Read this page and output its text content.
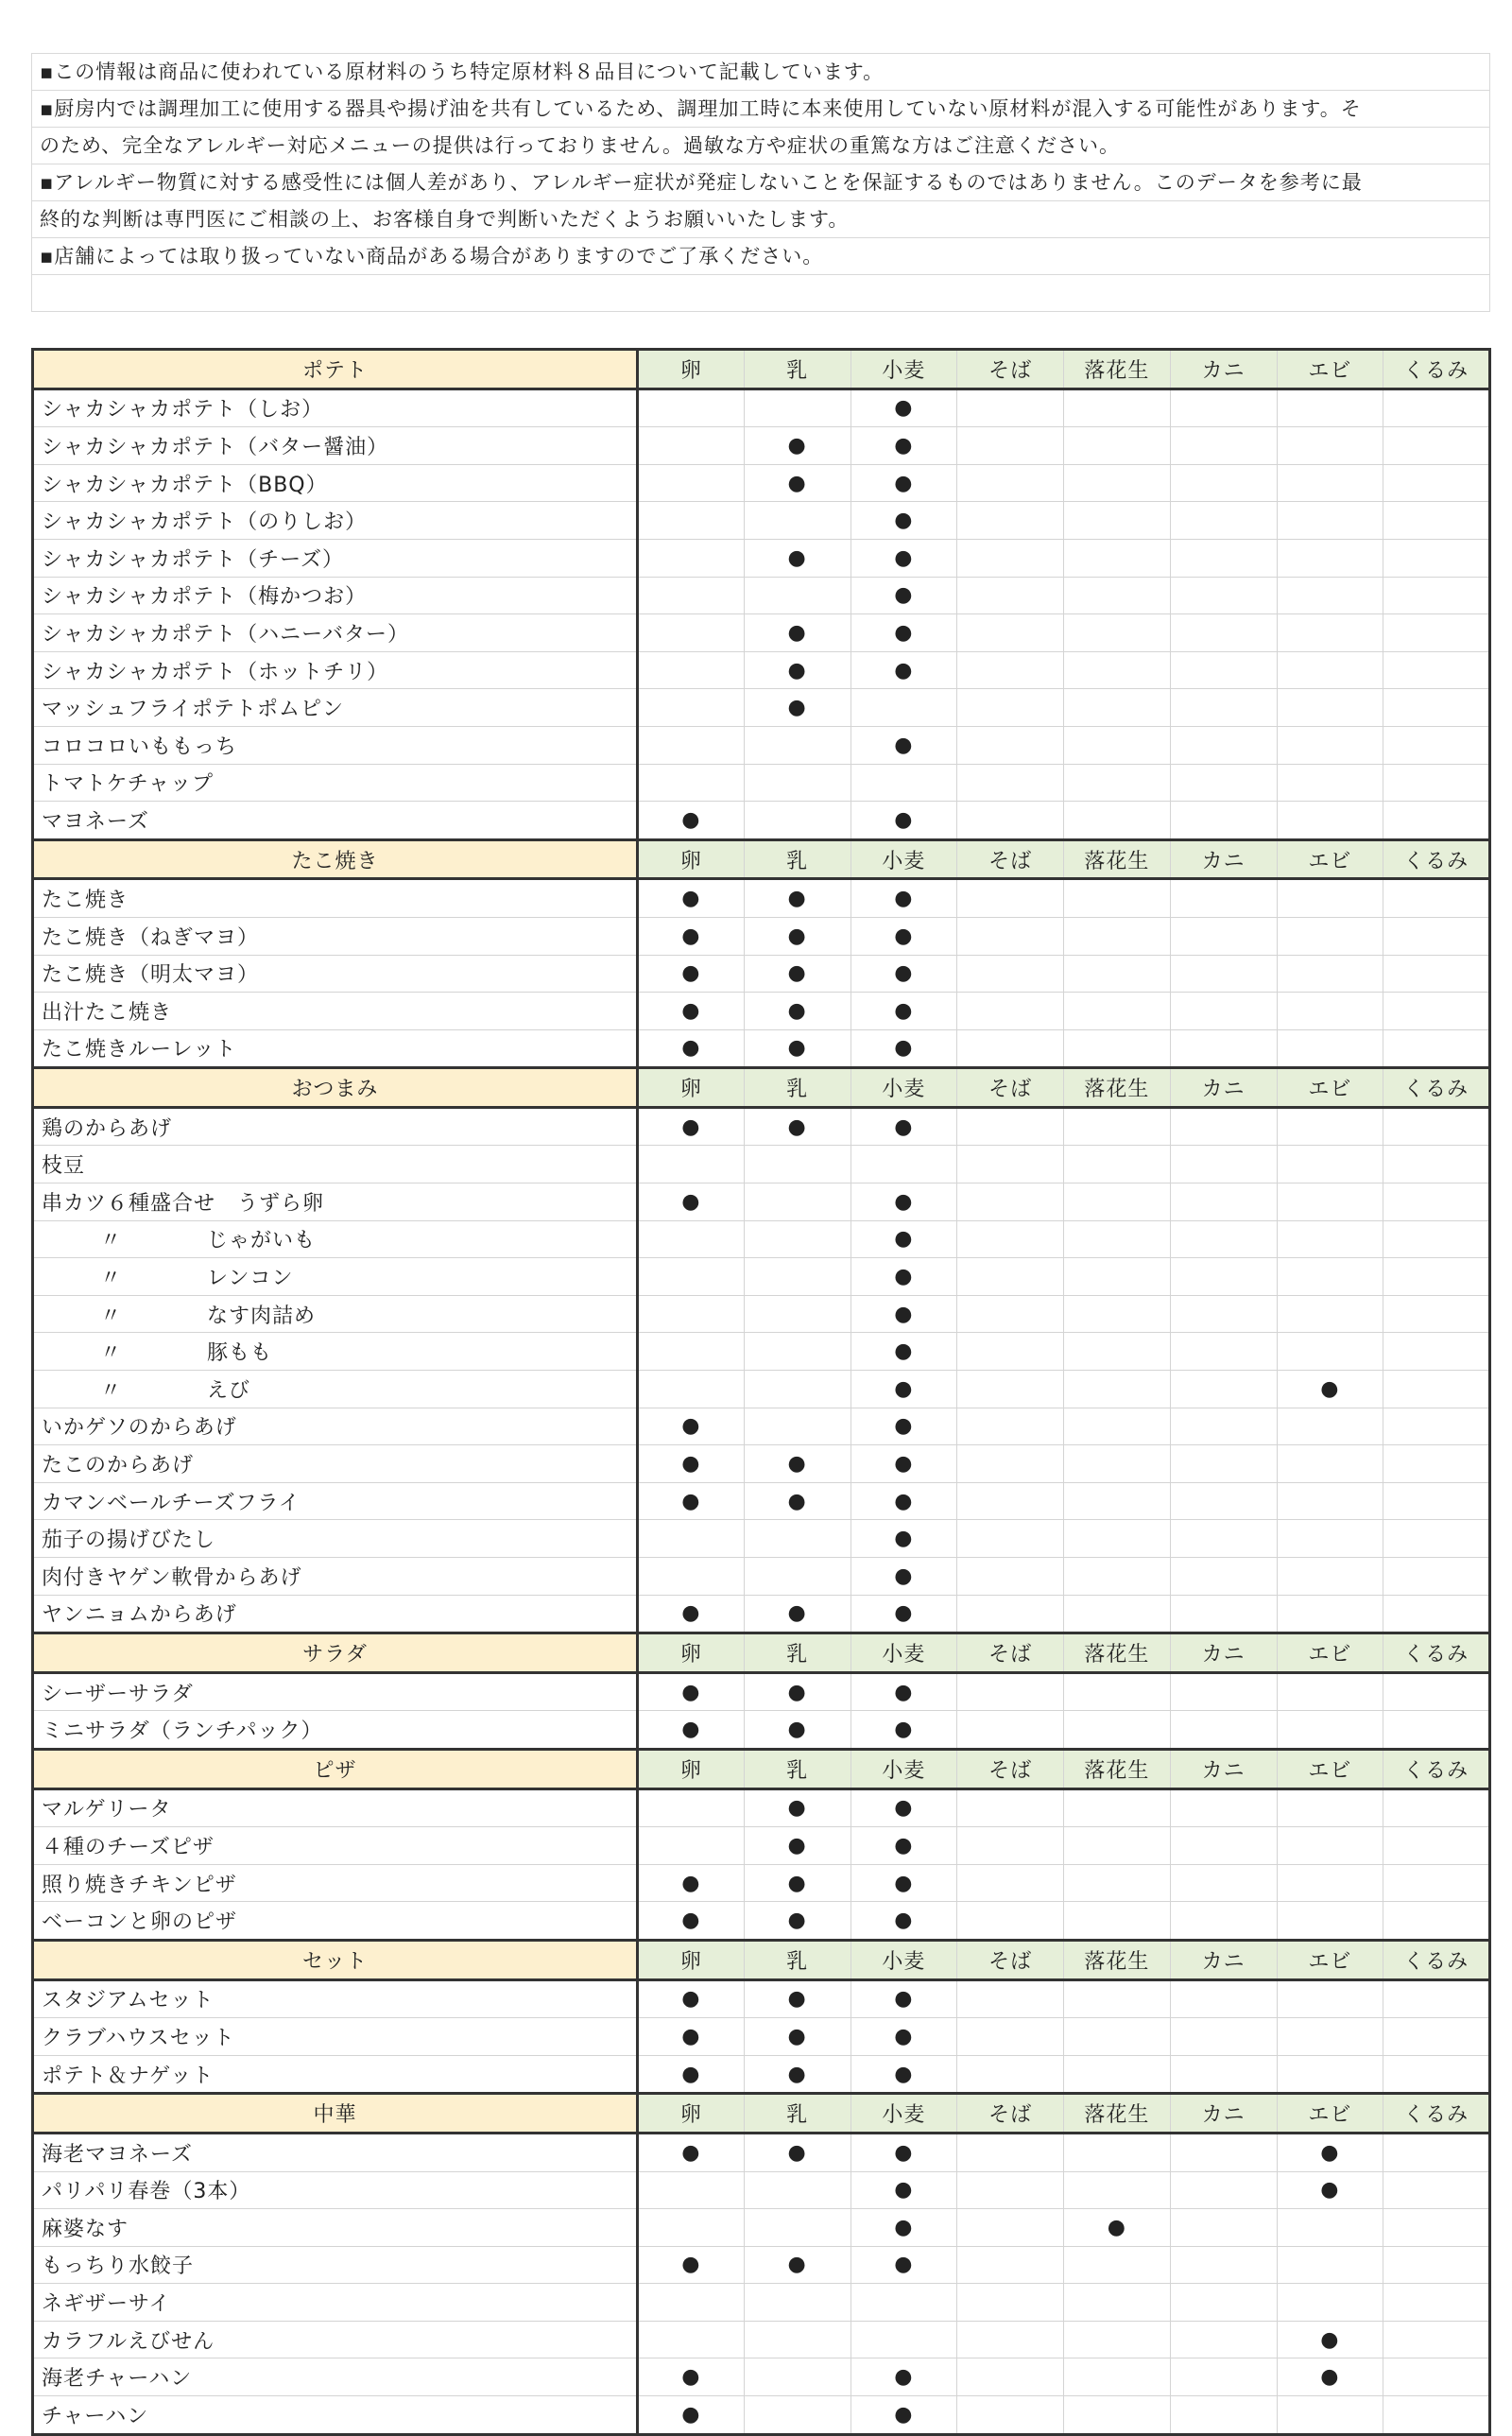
▪この情報は商品に使われている原材料のうち特定原材料８品目について記載しています。
▪厨房内では調理加工に使用する器具や揚げ油を共有しているため、調理加工時に本来使用していない原材料が混入する可能性があります。そ
のため、完全なアレルギー対応メニューの提供は行っておりません。過敏な方や症状の重篤な方はご注意ください。
▪アレルギー物質に対する感受性には個人差があり、アレルギー症状が発症しないことを保証するものではありません。このデータを参考に最
終的な判断は専門医にご相談の上、お客様自身で判断いただくようお願いいたします。
▪店舗によっては取り扱っていない商品がある場合がありますのでご了承ください。
ポテト	卵	乳	小麦	そば	落花生	カニ	エビ	くるみ
シャカシャカポテト（しお）			●					
シャカシャカポテト（バター醤油）		●	●					
シャカシャカポテト（BBQ）		●	●					
シャカシャカポテト（のりしお）			●					
シャカシャカポテト（チーズ）		●	●					
シャカシャカポテト（梅かつお）			●					
シャカシャカポテト（ハニーバター）		●	●					
シャカシャカポテト（ホットチリ）		●	●					
マッシュフライポテトポムピン		●						
コロコロいももっち			●					
トマトケチャップ								
マヨネーズ	●		●					
たこ焼き	卵	乳	小麦	そば	落花生	カニ	エビ	くるみ
たこ焼き	●	●	●					
たこ焼き（ねぎマヨ）	●	●	●					
たこ焼き（明太マヨ）	●	●	●					
出汁たこ焼き	●	●	●					
たこ焼きルーレット	●	●	●					
おつまみ	卵	乳	小麦	そば	落花生	カニ	エビ	くるみ
鶏のからあげ	●	●	●					
枝豆								
串カツ６種盛合せ　うずら卵	●		●					
〃 じゃがいも			●					
〃 レンコン			●					
〃 なす肉詰め			●					
〃 豚もも			●					
〃 えび			●				●	
いかゲソのからあげ	●		●					
たこのからあげ	●	●	●					
カマンベールチーズフライ	●	●	●					
茄子の揚げびたし			●					
肉付きヤゲン軟骨からあげ			●					
ヤンニョムからあげ	●	●	●					
サラダ	卵	乳	小麦	そば	落花生	カニ	エビ	くるみ
シーザーサラダ	●	●	●					
ミニサラダ（ランチパック）	●	●	●					
ピザ	卵	乳	小麦	そば	落花生	カニ	エビ	くるみ
マルゲリータ		●	●					
４種のチーズピザ		●	●					
照り焼きチキンピザ	●	●	●					
ベーコンと卵のピザ	●	●	●					
セット	卵	乳	小麦	そば	落花生	カニ	エビ	くるみ
スタジアムセット	●	●	●					
クラブハウスセット	●	●	●					
ポテト＆ナゲット	●	●	●					
中華	卵	乳	小麦	そば	落花生	カニ	エビ	くるみ
海老マヨネーズ	●	●	●				●	
パリパリ春巻（3本）			●				●	
麻婆なす			●		●			
もっちり水餃子	●	●	●					
ネギザーサイ								
カラフルえびせん							●	
海老チャーハン	●		●				●	
チャーハン	●		●					
